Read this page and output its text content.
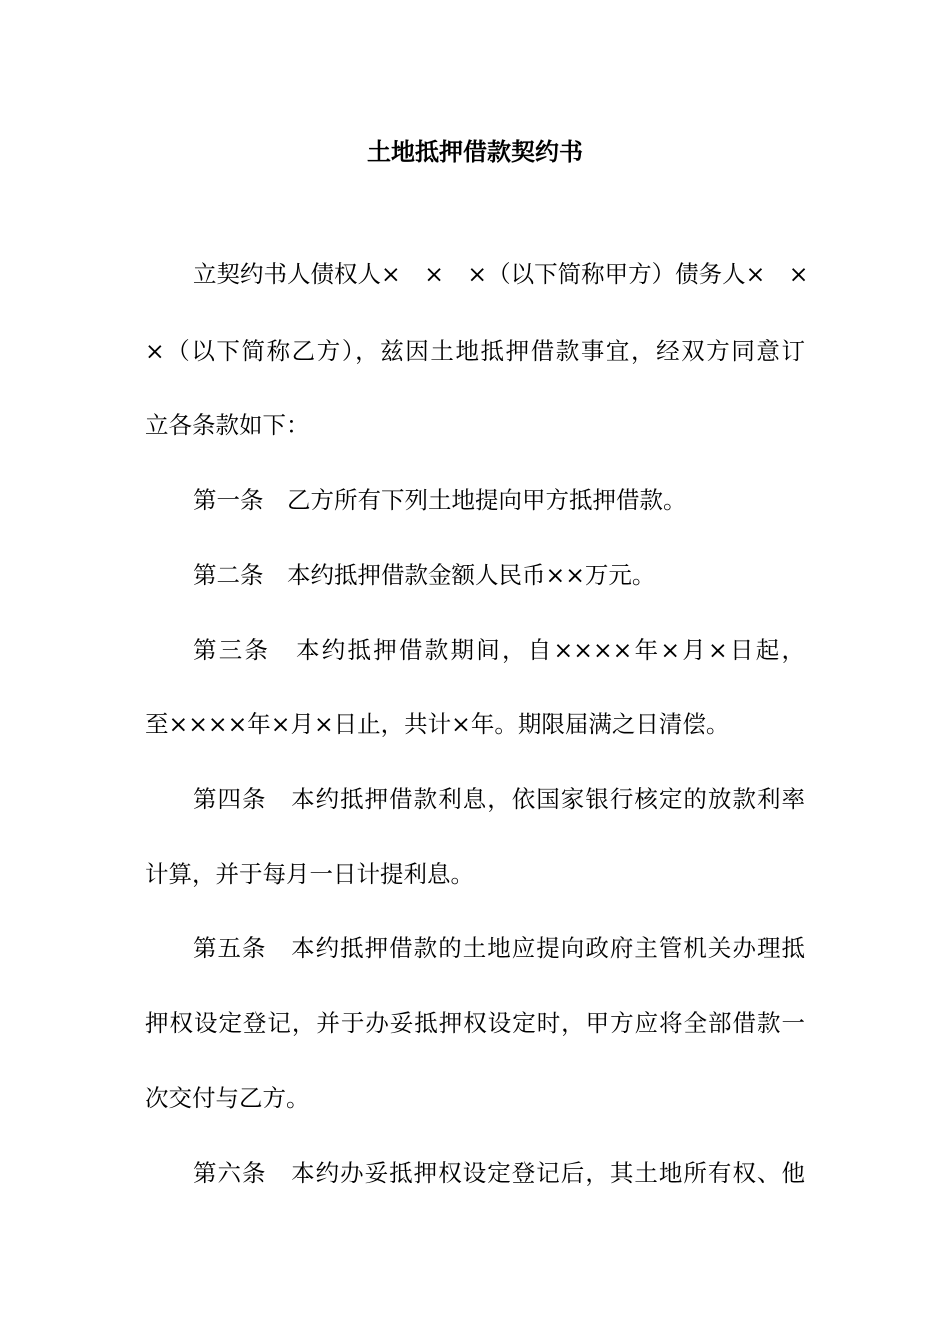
土地抵押借款契约书
立契约书人债权人×　×　×（以下简称甲方）债务人×　×
×（以下简称乙方），兹因土地抵押借款事宜，经双方同意订
立各条款如下：
第一条　乙方所有下列土地提向甲方抵押借款。
第二条　本约抵押借款金额人民币××万元。
第三条　本约抵押借款期间，自××××年×月×日起，
至××××年×月×日止，共计×年。期限届满之日清偿。
第四条　本约抵押借款利息，依国家银行核定的放款利率
计算，并于每月一日计提利息。
第五条　本约抵押借款的土地应提向政府主管机关办理抵
押权设定登记，并于办妥抵押权设定时，甲方应将全部借款一
次交付与乙方。
第六条　本约办妥抵押权设定登记后，其土地所有权、他
